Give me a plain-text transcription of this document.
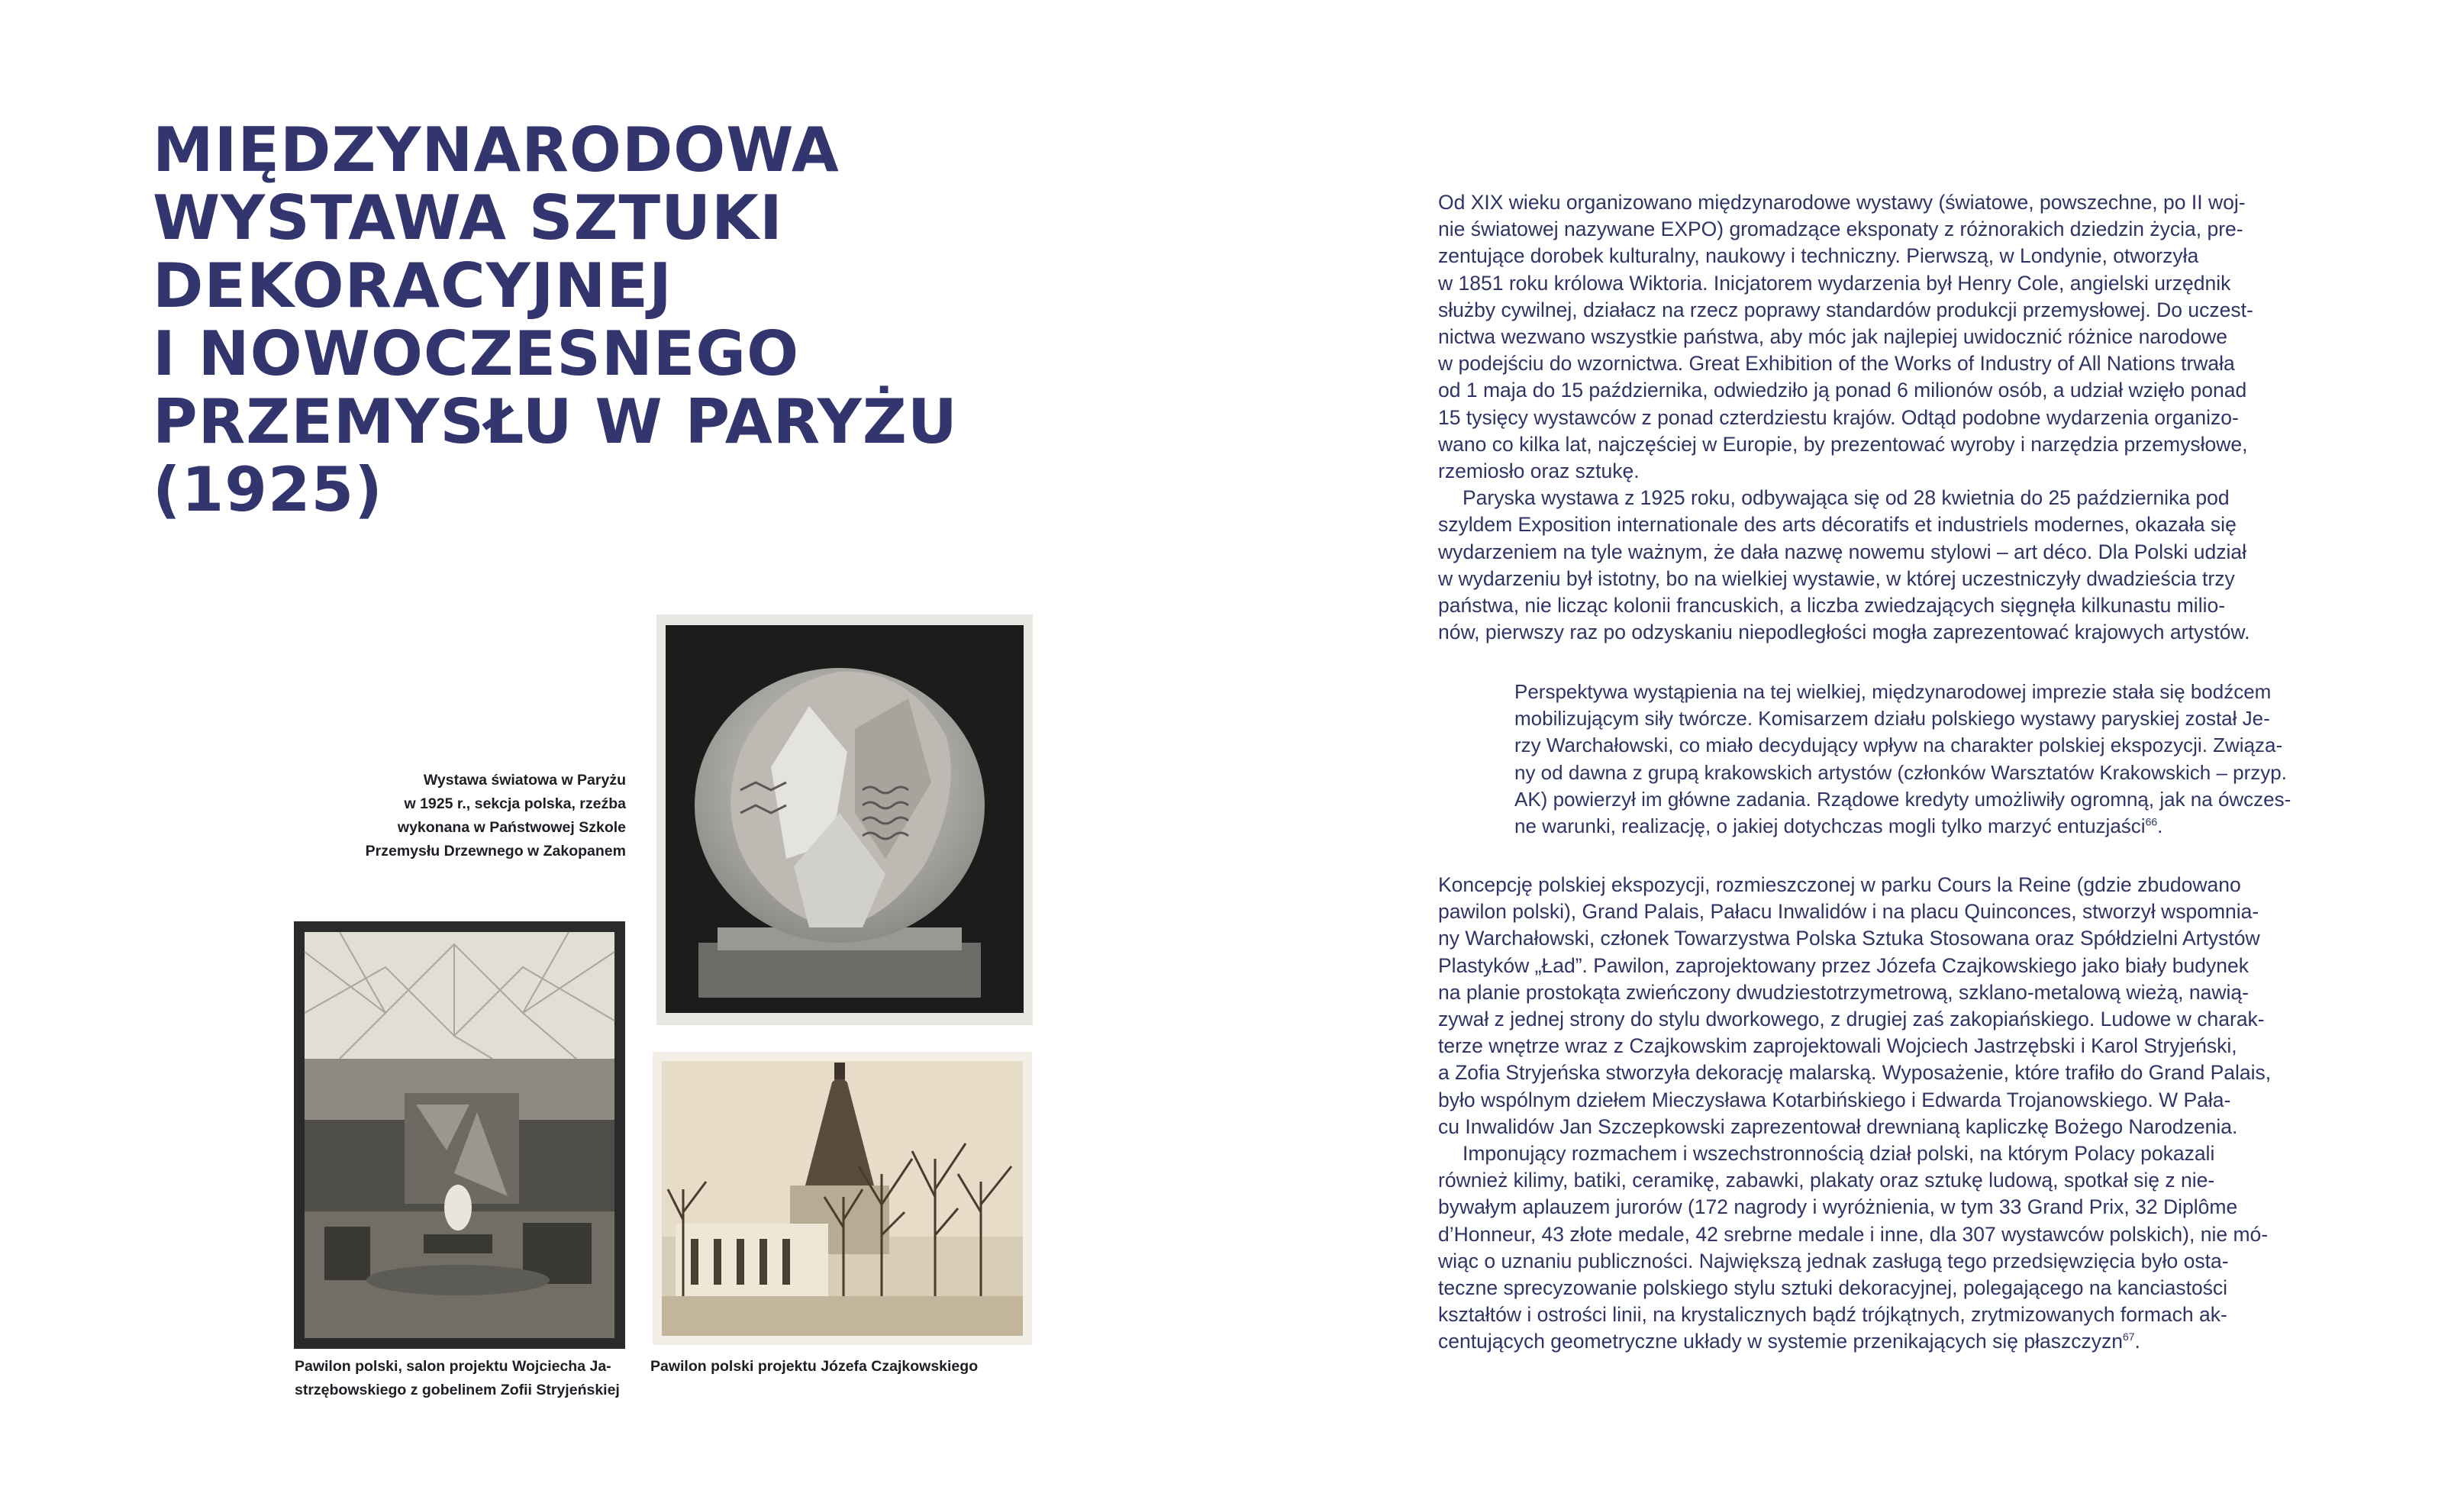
MIĘDZYNARODOWA
WYSTAWA SZTUKI
DEKORACYJNEJ
I NOWOCZESNEGO
PRZEMYSŁU W PARYŻU
(1925)
Wystawa światowa w Paryżu
w 1925 r., sekcja polska, rzeźba
wykonana w Państwowej Szkole
Przemysłu Drzewnego w Zakopanem
Pawilon polski, salon projektu Wojciecha Ja-
strzębowskiego z gobelinem Zofii Stryjeńskiej
Pawilon polski projektu Józefa Czajkowskiego
Od XIX wieku organizowano międzynarodowe wystawy (światowe, powszechne, po II woj-
nie światowej nazywane EXPO) gromadzące eksponaty z różnorakich dziedzin życia, pre-
zentujące dorobek kulturalny, naukowy i techniczny. Pierwszą, w Londynie, otworzyła
w 1851 roku królowa Wiktoria. Inicjatorem wydarzenia był Henry Cole, angielski urzędnik
służby cywilnej, działacz na rzecz poprawy standardów produkcji przemysłowej. Do uczest-
nictwa wezwano wszystkie państwa, aby móc jak najlepiej uwidocznić różnice narodowe
w podejściu do wzornictwa. Great Exhibition of the Works of Industry of All Nations trwała
od 1 maja do 15 października, odwiedziło ją ponad 6 milionów osób, a udział wzięło ponad
15 tysięcy wystawców z ponad czterdziestu krajów. Odtąd podobne wydarzenia organizo-
wano co kilka lat, najczęściej w Europie, by prezentować wyroby i narzędzia przemysłowe,
rzemiosło oraz sztukę.
Paryska wystawa z 1925 roku, odbywająca się od 28 kwietnia do 25 października pod
szyldem Exposition internationale des arts décoratifs et industriels modernes, okazała się
wydarzeniem na tyle ważnym, że dała nazwę nowemu stylowi – art déco. Dla Polski udział
w wydarzeniu był istotny, bo na wielkiej wystawie, w której uczestniczyły dwadzieścia trzy
państwa, nie licząc kolonii francuskich, a liczba zwiedzających sięgnęła kilkunastu milio-
nów, pierwszy raz po odzyskaniu niepodległości mogła zaprezentować krajowych artystów.
Perspektywa wystąpienia na tej wielkiej, międzynarodowej imprezie stała się bodźcem
mobilizującym siły twórcze. Komisarzem działu polskiego wystawy paryskiej został Je-
rzy Warchałowski, co miało decydujący wpływ na charakter polskiej ekspozycji. Związa-
ny od dawna z grupą krakowskich artystów (członków Warsztatów Krakowskich – przyp.
AK) powierzył im główne zadania. Rządowe kredyty umożliwiły ogromną, jak na ówczes-
ne warunki, realizację, o jakiej dotychczas mogli tylko marzyć entuzjaści$^{66}$.
Koncepcję polskiej ekspozycji, rozmieszczonej w parku Cours la Reine (gdzie zbudowano
pawilon polski), Grand Palais, Pałacu Inwalidów i na placu Quinconces, stworzył wspomnia-
ny Warchałowski, członek Towarzystwa Polska Sztuka Stosowana oraz Spółdzielni Artystów
Plastyków „Ład”. Pawilon, zaprojektowany przez Józefa Czajkowskiego jako biały budynek
na planie prostokąta zwieńczony dwudziestotrzymetrową, szklano-metalową wieżą, nawią-
zywał z jednej strony do stylu dworkowego, z drugiej zaś zakopiańskiego. Ludowe w charak-
terze wnętrze wraz z Czajkowskim zaprojektowali Wojciech Jastrzębski i Karol Stryjeński,
a Zofia Stryjeńska stworzyła dekorację malarską. Wyposażenie, które trafiło do Grand Palais,
było wspólnym dziełem Mieczysława Kotarbińskiego i Edwarda Trojanowskiego. W Pała-
cu Inwalidów Jan Szczepkowski zaprezentował drewnianą kapliczkę Bożego Narodzenia.
Imponujący rozmachem i wszechstronnością dział polski, na którym Polacy pokazali
również kilimy, batiki, ceramikę, zabawki, plakaty oraz sztukę ludową, spotkał się z nie-
bywałym aplauzem jurorów (172 nagrody i wyróżnienia, w tym 33 Grand Prix, 32 Diplôme
d’Honneur, 43 złote medale, 42 srebrne medale i inne, dla 307 wystawców polskich), nie mó-
wiąc o uznaniu publiczności. Największą jednak zasługą tego przedsięwzięcia było osta-
teczne sprecyzowanie polskiego stylu sztuki dekoracyjnej, polegającego na kanciastości
kształtów i ostrości linii, na krystalicznych bądź trójkątnych, zrytmizowanych formach ak-
centujących geometryczne układy w systemie przenikających się płaszczyzn$^{67}$.
